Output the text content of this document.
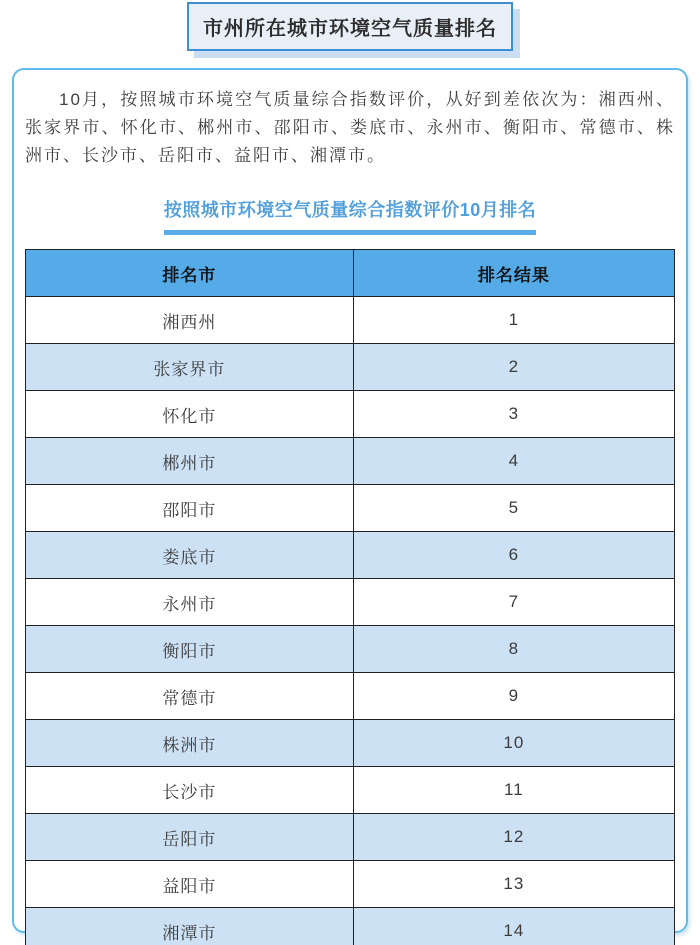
市州所在城市环境空气质量排名

10月，按照城市环境空气质量综合指数评价，从好到差依次为：湘西州、张家界市、怀化市、郴州市、邵阳市、娄底市、永州市、衡阳市、常德市、株洲市、长沙市、岳阳市、益阳市、湘潭市。

按照城市环境空气质量综合指数评价10月排名
排名市	排名结果
湘西州	1
张家界市	2
怀化市	3
郴州市	4
邵阳市	5
娄底市	6
永州市	7
衡阳市	8
常德市	9
株洲市	10
长沙市	11
岳阳市	12
益阳市	13
湘潭市	14
